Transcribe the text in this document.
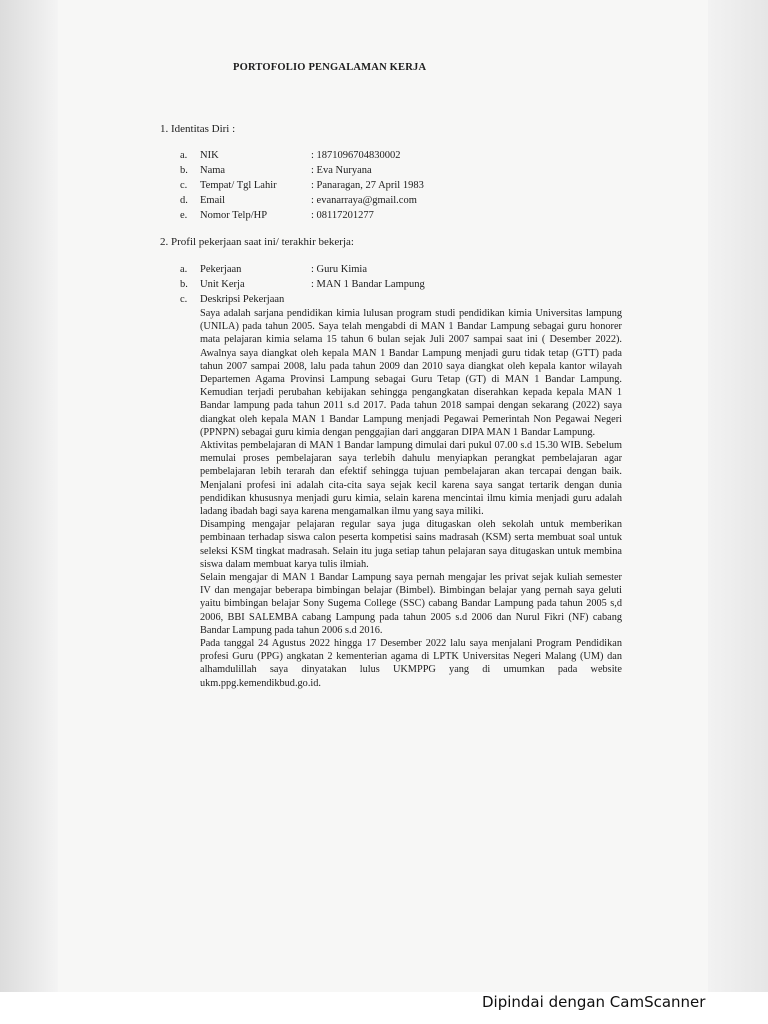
PORTOFOLIO PENGALAMAN KERJA
1. Identitas Diri :
a. NIK	: 1871096704830002
b. Nama	: Eva Nuryana
c. Tempat/ Tgl Lahir	: Panaragan, 27 April 1983
d. Email	: evanarraya@gmail.com
e. Nomor Telp/HP	: 08117201277
2. Profil pekerjaan saat ini/ terakhir bekerja:
a. Pekerjaan	: Guru Kimia
b. Unit Kerja	: MAN 1 Bandar Lampung
c. Deskripsi Pekerjaan

Saya adalah sarjana pendidikan kimia lulusan program studi pendidikan kimia Universitas lampung (UNILA) pada tahun 2005. Saya telah mengabdi di MAN 1 Bandar Lampung sebagai guru honorer mata pelajaran kimia selama 15 tahun 6 bulan sejak Juli 2007 sampai saat ini ( Desember 2022). Awalnya saya diangkat oleh kepala MAN 1 Bandar Lampung menjadi guru tidak tetap (GTT) pada tahun 2007 sampai 2008, lalu pada tahun 2009 dan 2010 saya diangkat oleh kepala kantor wilayah Departemen Agama Provinsi Lampung sebagai Guru Tetap (GT) di MAN 1 Bandar Lampung. Kemudian terjadi perubahan kebijakan sehingga pengangkatan diserahkan kepada kepala MAN 1 Bandar lampung pada tahun 2011 s.d 2017. Pada tahun 2018 sampai dengan sekarang (2022) saya diangkat oleh kepala MAN 1 Bandar Lampung menjadi Pegawai Pemerintah Non Pegawai Negeri (PPNPN) sebagai guru kimia dengan penggajian dari anggaran DIPA MAN 1 Bandar Lampung.

Aktivitas pembelajaran di MAN 1 Bandar lampung dimulai dari pukul 07.00 s.d 15.30 WIB. Sebelum memulai proses pembelajaran saya terlebih dahulu menyiapkan perangkat pembelajaran agar pembelajaran lebih terarah dan efektif sehingga tujuan pembelajaran akan tercapai dengan baik. Menjalani profesi ini adalah cita-cita saya sejak kecil karena saya sangat tertarik dengan dunia pendidikan khususnya menjadi guru kimia, selain karena mencintai ilmu kimia menjadi guru adalah ladang ibadah bagi saya karena mengamalkan ilmu yang saya miliki.

Disamping mengajar pelajaran regular saya juga ditugaskan oleh sekolah untuk memberikan pembinaan terhadap siswa calon peserta kompetisi sains madrasah (KSM) serta membuat soal untuk seleksi KSM tingkat madrasah. Selain itu juga setiap tahun pelajaran saya ditugaskan untuk membina siswa dalam membuat karya tulis ilmiah.

Selain mengajar di MAN 1 Bandar Lampung saya pernah mengajar les privat sejak kuliah semester IV dan mengajar beberapa bimbingan belajar (Bimbel). Bimbingan belajar yang pernah saya geluti yaitu bimbingan belajar Sony Sugema College (SSC) cabang Bandar Lampung pada tahun 2005 s,d 2006, BBI SALEMBA cabang Lampung pada tahun 2005 s.d 2006 dan Nurul Fikri (NF) cabang Bandar Lampung pada tahun 2006 s.d 2016.

Pada tanggal 24 Agustus 2022 hingga 17 Desember 2022 lalu saya menjalani Program Pendidikan profesi Guru (PPG) angkatan 2 kementerian agama di LPTK Universitas Negeri Malang (UM) dan alhamdulillah saya dinyatakan lulus UKMPPG yang di umumkan pada website ukm.ppg.kemendikbud.go.id.

Dipindai dengan CamScanner
